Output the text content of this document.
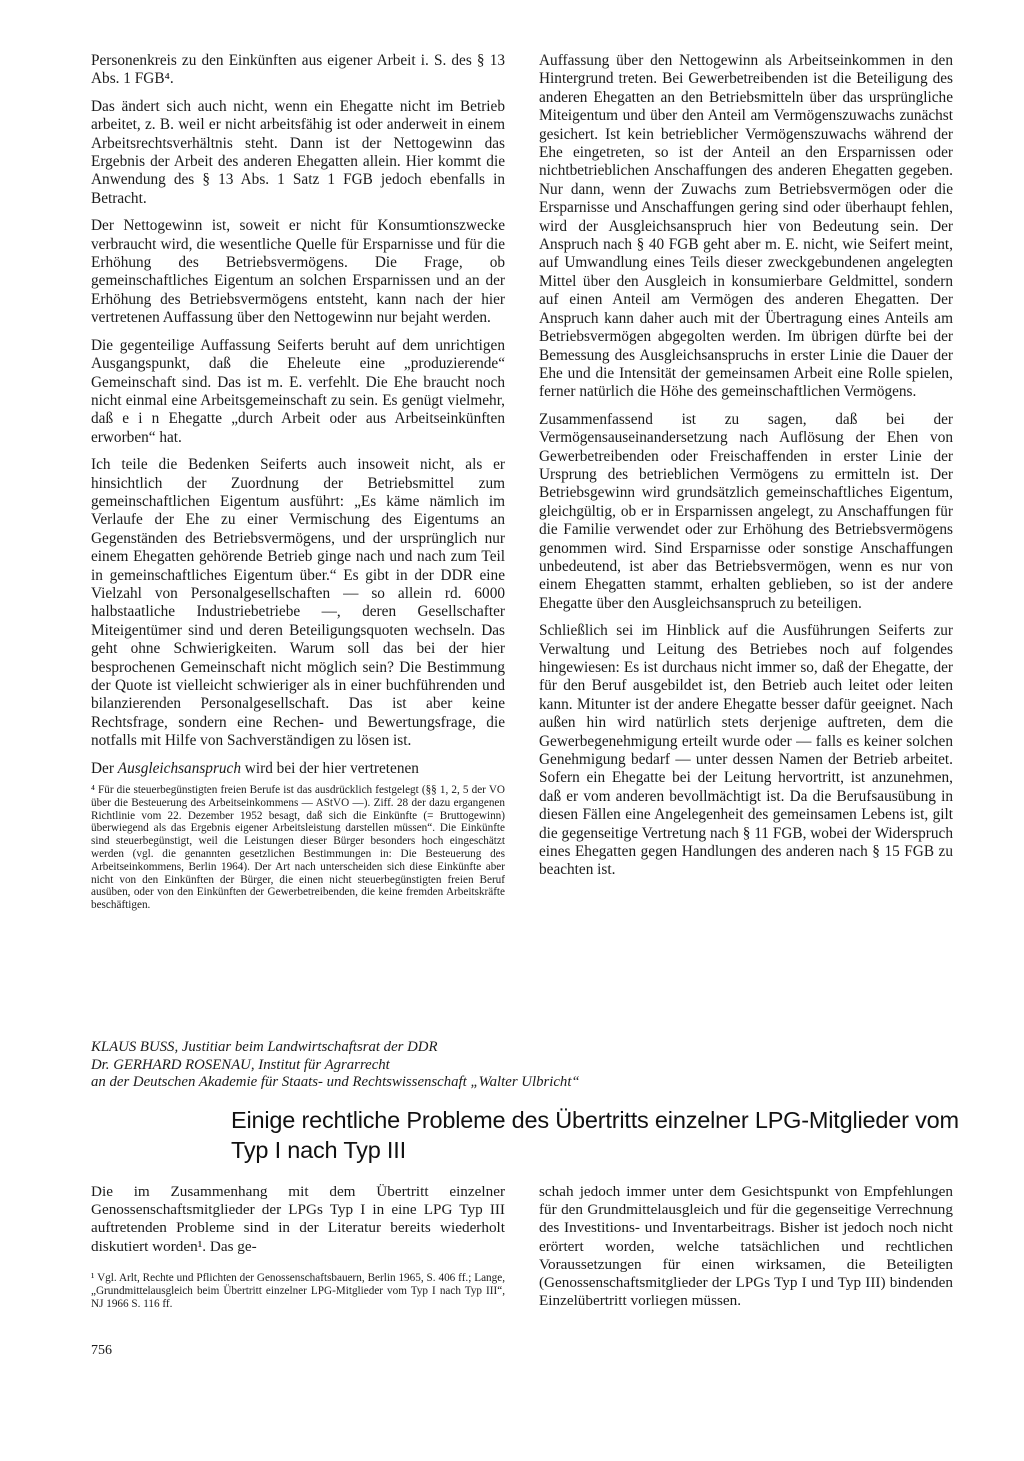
Personenkreis zu den Einkünften aus eigener Arbeit i. S. des § 13 Abs. 1 FGB⁴.

Das ändert sich auch nicht, wenn ein Ehegatte nicht im Betrieb arbeitet, z. B. weil er nicht arbeitsfähig ist oder anderweit in einem Arbeitsrechtsverhältnis steht. Dann ist der Nettogewinn das Ergebnis der Arbeit des anderen Ehegatten allein. Hier kommt die Anwendung des § 13 Abs. 1 Satz 1 FGB jedoch ebenfalls in Betracht.

Der Nettogewinn ist, soweit er nicht für Konsumtionszwecke verbraucht wird, die wesentliche Quelle für Ersparnisse und für die Erhöhung des Betriebsvermögens. Die Frage, ob gemeinschaftliches Eigentum an solchen Ersparnissen und an der Erhöhung des Betriebsvermögens entsteht, kann nach der hier vertretenen Auffassung über den Nettogewinn nur bejaht werden.

Die gegenteilige Auffassung Seiferts beruht auf dem unrichtigen Ausgangspunkt, daß die Eheleute eine „produzierende“ Gemeinschaft sind. Das ist m. E. verfehlt. Die Ehe braucht noch nicht einmal eine Arbeitsgemeinschaft zu sein. Es genügt vielmehr, daß e i n Ehegatte „durch Arbeit oder aus Arbeitseinkünften erworben“ hat.

Ich teile die Bedenken Seiferts auch insoweit nicht, als er hinsichtlich der Zuordnung der Betriebsmittel zum gemeinschaftlichen Eigentum ausführt: „Es käme nämlich im Verlaufe der Ehe zu einer Vermischung des Eigentums an Gegenständen des Betriebsvermögens, und der ursprünglich nur einem Ehegatten gehörende Betrieb ginge nach und nach zum Teil in gemeinschaftliches Eigentum über.“ Es gibt in der DDR eine Vielzahl von Personalgesellschaften — so allein rd. 6000 halbstaatliche Industriebetriebe —, deren Gesellschafter Miteigentümer sind und deren Beteiligungsquoten wechseln. Das geht ohne Schwierigkeiten. Warum soll das bei der hier besprochenen Gemeinschaft nicht möglich sein? Die Bestimmung der Quote ist vielleicht schwieriger als in einer buchführenden und bilanzierenden Personalgesellschaft. Das ist aber keine Rechtsfrage, sondern eine Rechen- und Bewertungsfrage, die notfalls mit Hilfe von Sachverständigen zu lösen ist.

Der Ausgleichsanspruch wird bei der hier vertretenen

⁴ Für die steuerbegünstigten freien Berufe ist das ausdrücklich festgelegt (§§ 1, 2, 5 der VO über die Besteuerung des Arbeitseinkommens — AStVO —). Ziff. 28 der dazu ergangenen Richtlinie vom 22. Dezember 1952 besagt, daß sich die Einkünfte (= Bruttogewinn) überwiegend als das Ergebnis eigener Arbeitsleistung darstellen müssen“. Die Einkünfte sind steuerbegünstigt, weil die Leistungen dieser Bürger besonders hoch eingeschätzt werden (vgl. die genannten gesetzlichen Bestimmungen in: Die Besteuerung des Arbeitseinkommens, Berlin 1964). Der Art nach unterscheiden sich diese Einkünfte aber nicht von den Einkünften der Bürger, die einen nicht steuerbegünstigten freien Beruf ausüben, oder von den Einkünften der Gewerbetreibenden, die keine fremden Arbeitskräfte beschäftigen.

Auffassung über den Nettogewinn als Arbeitseinkommen in den Hintergrund treten. Bei Gewerbetreibenden ist die Beteiligung des anderen Ehegatten an den Betriebsmitteln über das ursprüngliche Miteigentum und über den Anteil am Vermögenszuwachs zunächst gesichert. Ist kein betrieblicher Vermögenszuwachs während der Ehe eingetreten, so ist der Anteil an den Ersparnissen oder nichtbetrieblichen Anschaffungen des anderen Ehegatten gegeben. Nur dann, wenn der Zuwachs zum Betriebsvermögen oder die Ersparnisse und Anschaffungen gering sind oder überhaupt fehlen, wird der Ausgleichsanspruch hier von Bedeutung sein. Der Anspruch nach § 40 FGB geht aber m. E. nicht, wie Seifert meint, auf Umwandlung eines Teils dieser zweckgebundenen angelegten Mittel über den Ausgleich in konsumierbare Geldmittel, sondern auf einen Anteil am Vermögen des anderen Ehegatten. Der Anspruch kann daher auch mit der Übertragung eines Anteils am Betriebsvermögen abgegolten werden. Im übrigen dürfte bei der Bemessung des Ausgleichsanspruchs in erster Linie die Dauer der Ehe und die Intensität der gemeinsamen Arbeit eine Rolle spielen, ferner natürlich die Höhe des gemeinschaftlichen Vermögens.

Zusammenfassend ist zu sagen, daß bei der Vermögensauseinandersetzung nach Auflösung der Ehen von Gewerbetreibenden oder Freischaffenden in erster Linie der Ursprung des betrieblichen Vermögens zu ermitteln ist. Der Betriebsgewinn wird grundsätzlich gemeinschaftliches Eigentum, gleichgültig, ob er in Ersparnissen angelegt, zu Anschaffungen für die Familie verwendet oder zur Erhöhung des Betriebsvermögens genommen wird. Sind Ersparnisse oder sonstige Anschaffungen unbedeutend, ist aber das Betriebsvermögen, wenn es nur von einem Ehegatten stammt, erhalten geblieben, so ist der andere Ehegatte über den Ausgleichsanspruch zu beteiligen.

Schließlich sei im Hinblick auf die Ausführungen Seiferts zur Verwaltung und Leitung des Betriebes noch auf folgendes hingewiesen: Es ist durchaus nicht immer so, daß der Ehegatte, der für den Beruf ausgebildet ist, den Betrieb auch leitet oder leiten kann. Mitunter ist der andere Ehegatte besser dafür geeignet. Nach außen hin wird natürlich stets derjenige auftreten, dem die Gewerbegenehmigung erteilt wurde oder — falls es keiner solchen Genehmigung bedarf — unter dessen Namen der Betrieb arbeitet. Sofern ein Ehegatte bei der Leitung hervortritt, ist anzunehmen, daß er vom anderen bevollmächtigt ist. Da die Berufsausübung in diesen Fällen eine Angelegenheit des gemeinsamen Lebens ist, gilt die gegenseitige Vertretung nach § 11 FGB, wobei der Widerspruch eines Ehegatten gegen Handlungen des anderen nach § 15 FGB zu beachten ist.

KLAUS BUSS, Justitiar beim Landwirtschaftsrat der DDR
Dr. GERHARD ROSENAU, Institut für Agrarrecht
an der Deutschen Akademie für Staats- und Rechtswissenschaft „Walter Ulbricht“
Einige rechtliche Probleme des Übertritts einzelner LPG-Mitglieder vom Typ I nach Typ III

Die im Zusammenhang mit dem Übertritt einzelner Genossenschaftsmitglieder der LPGs Typ I in eine LPG Typ III auftretenden Probleme sind in der Literatur bereits wiederholt diskutiert worden¹. Das ge-

¹ Vgl. Arlt, Rechte und Pflichten der Genossenschaftsbauern, Berlin 1965, S. 406 ff.; Lange, „Grundmittelausgleich beim Übertritt einzelner LPG-Mitglieder vom Typ I nach Typ III“, NJ 1966 S. 116 ff.

schah jedoch immer unter dem Gesichtspunkt von Empfehlungen für den Grundmittelausgleich und für die gegenseitige Verrechnung des Investitions- und Inventarbeitrags. Bisher ist jedoch noch nicht erörtert worden, welche tatsächlichen und rechtlichen Voraussetzungen für einen wirksamen, die Beteiligten (Genossenschaftsmitglieder der LPGs Typ I und Typ III) bindenden Einzelübertritt vorliegen müssen.

756
